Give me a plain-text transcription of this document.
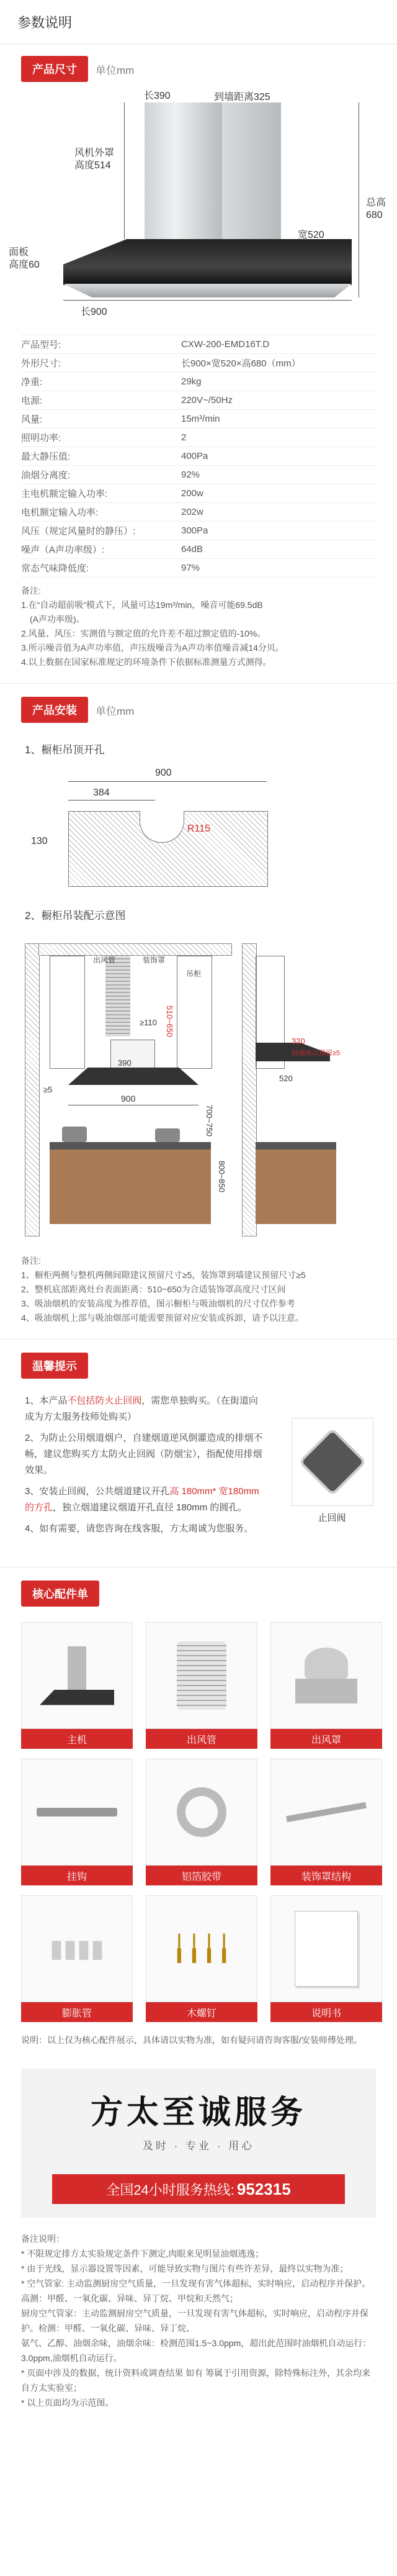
参数说明
产品尺寸	单位mm
长390	到墙距离325
风机外罩
高度514
总高
680
宽520
面板
高度60
长900
产品型号:	CXW-200-EMD16T.D
外形尺寸:	长900×宽520×高680（mm）
净重:	29kg
电源:	220V~/50Hz
风量:	15m³/min
照明功率:	2
最大静压值:	400Pa
油烟分离度:	92%
主电机额定输入功率:	200w
电机额定输入功率:	202w
风压（规定风量时的静压）:	300Pa
噪声（A声功率级）:	64dB
常态气味降低度:	97%
备注:
1.在“自动超前吸”模式下，风量可达19m³/min，噪音可能69.5dB
　(A声功率级)。
2.风量、风压：实测值与额定值的允许差不超过额定值的-10%。
3.所示噪音值为A声功率值，声压级噪音为A声功率值噪音减14分贝。
4.以上数据在国家标准规定的环境条件下依据标准测量方式测得。
产品安装	单位mm
1、橱柜吊顶开孔
900
384
R115
130
2、橱柜吊装配示意图
出风管	装饰罩
吊柜
≥110
390
≥5
900
510~650
700~750
800~850
320
到墙体以预留≥5
520
备注:
1、橱柜两侧与整机两侧间隙建议预留尺寸≥5，装饰罩到墙建议预留尺寸≥5
2、整机底部距离灶台表面距离：510~650为合适装饰罩高度尺寸区间
3、吸油烟机的安装高度为推荐值，图示橱柜与吸油烟机的尺寸仅作参考
4、吸油烟机上部与吸油烟部可能需要预留对应安装或拆卸，请予以注意。
温馨提示
1、本产品不包括防火止回阀，需您单独购买。（在街道向成为方太服务技师处购买）
2、为防止公用烟道烟户，自建烟道逆风倒灌造成的排烟不畅，建议您购买方太防火止回阀（防烟宝），指配使用排烟效果。
3、安装止回阀，公共烟道建议开孔高 180mm* 宽180mm 的方孔，独立烟道建议烟道开孔直径 180mm 的圆孔。
4、如有需要，请您咨询在线客服，方太竭诚为您服务。
止回阀
核心配件单
主机	出风管	出风罩
挂钩	铝箔胶带	装饰罩结构
▮▮▮▮
膨胀管
╽╽╽╽
木螺钉	说明书
说明：以上仅为核心配件展示，具体请以实物为准，如有疑问请咨询客服/安装师傅处理。
方太至诚服务
及时 · 专业 · 用心
全国24小时服务热线: 952315
备注说明：
* 不限规定排方太实验规定条件下测定,肉眼来见明显油烟逃逸；
* 由于光线，显示器设置等因素，可能导致实物与图片有些许差异，最终以实物为准；
* 空气管家: 主动监测厨房空气质量，一旦发现有害气体超标，实时响应，启动程序并保护。高测：甲醛、一氧化碳、异味、异丁烷、甲烷和天然气；
厨房空气管家：主动监测厨房空气质量，一旦发现有害气体超标，实时响应，启动程序并保护。检测：甲醛、一氧化碳、异味、异丁烷、
氨气、乙醇、油烟余味，油烟余味：检测范围1.5~3.0ppm，超出此范围时油烟机自动运行：3.0ppm,油烟机自动运行。
* 页面中涉及的数据，统计资料或调查结果 如有 筹属于引用资源，除特殊标注外，其余均来自方太实验室；
* 以上页面均为示范图。
